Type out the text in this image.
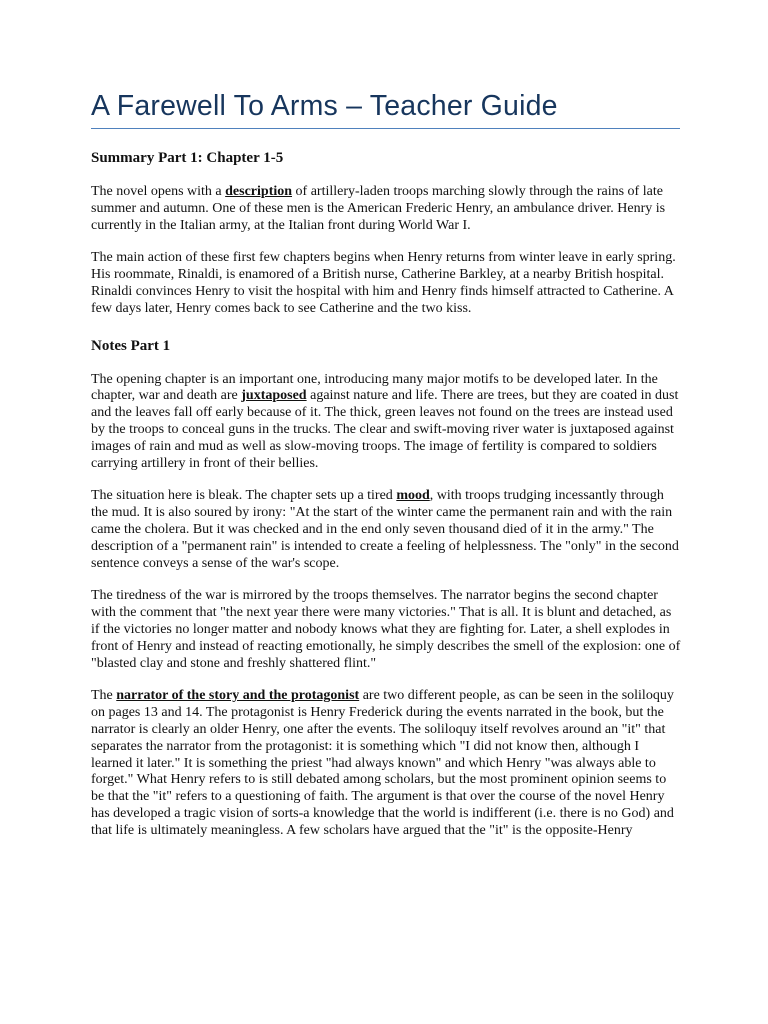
A Farewell To Arms – Teacher Guide
Summary Part 1: Chapter 1-5

The novel opens with a description of artillery-laden troops marching slowly through the rains of late summer and autumn. One of these men is the American Frederic Henry, an ambulance driver. Henry is currently in the Italian army, at the Italian front during World War I.

The main action of these first few chapters begins when Henry returns from winter leave in early spring. His roommate, Rinaldi, is enamored of a British nurse, Catherine Barkley, at a nearby British hospital. Rinaldi convinces Henry to visit the hospital with him and Henry finds himself attracted to Catherine. A few days later, Henry comes back to see Catherine and the two kiss.

Notes Part 1

The opening chapter is an important one, introducing many major motifs to be developed later. In the chapter, war and death are juxtaposed against nature and life. There are trees, but they are coated in dust and the leaves fall off early because of it. The thick, green leaves not found on the trees are instead used by the troops to conceal guns in the trucks. The clear and swift-moving river water is juxtaposed against images of rain and mud as well as slow-moving troops. The image of fertility is compared to soldiers carrying artillery in front of their bellies.

The situation here is bleak. The chapter sets up a tired mood, with troops trudging incessantly through the mud. It is also soured by irony: "At the start of the winter came the permanent rain and with the rain came the cholera. But it was checked and in the end only seven thousand died of it in the army." The description of a "permanent rain" is intended to create a feeling of helplessness. The "only" in the second sentence conveys a sense of the war's scope.

The tiredness of the war is mirrored by the troops themselves. The narrator begins the second chapter with the comment that "the next year there were many victories." That is all. It is blunt and detached, as if the victories no longer matter and nobody knows what they are fighting for. Later, a shell explodes in front of Henry and instead of reacting emotionally, he simply describes the smell of the explosion: one of "blasted clay and stone and freshly shattered flint."

The narrator of the story and the protagonist are two different people, as can be seen in the soliloquy on pages 13 and 14. The protagonist is Henry Frederick during the events narrated in the book, but the narrator is clearly an older Henry, one after the events. The soliloquy itself revolves around an "it" that separates the narrator from the protagonist: it is something which "I did not know then, although I learned it later." It is something the priest "had always known" and which Henry "was always able to forget." What Henry refers to is still debated among scholars, but the most prominent opinion seems to be that the "it" refers to a questioning of faith. The argument is that over the course of the novel Henry has developed a tragic vision of sorts-a knowledge that the world is indifferent (i.e. there is no God) and that life is ultimately meaningless. A few scholars have argued that the "it" is the opposite-Henry
